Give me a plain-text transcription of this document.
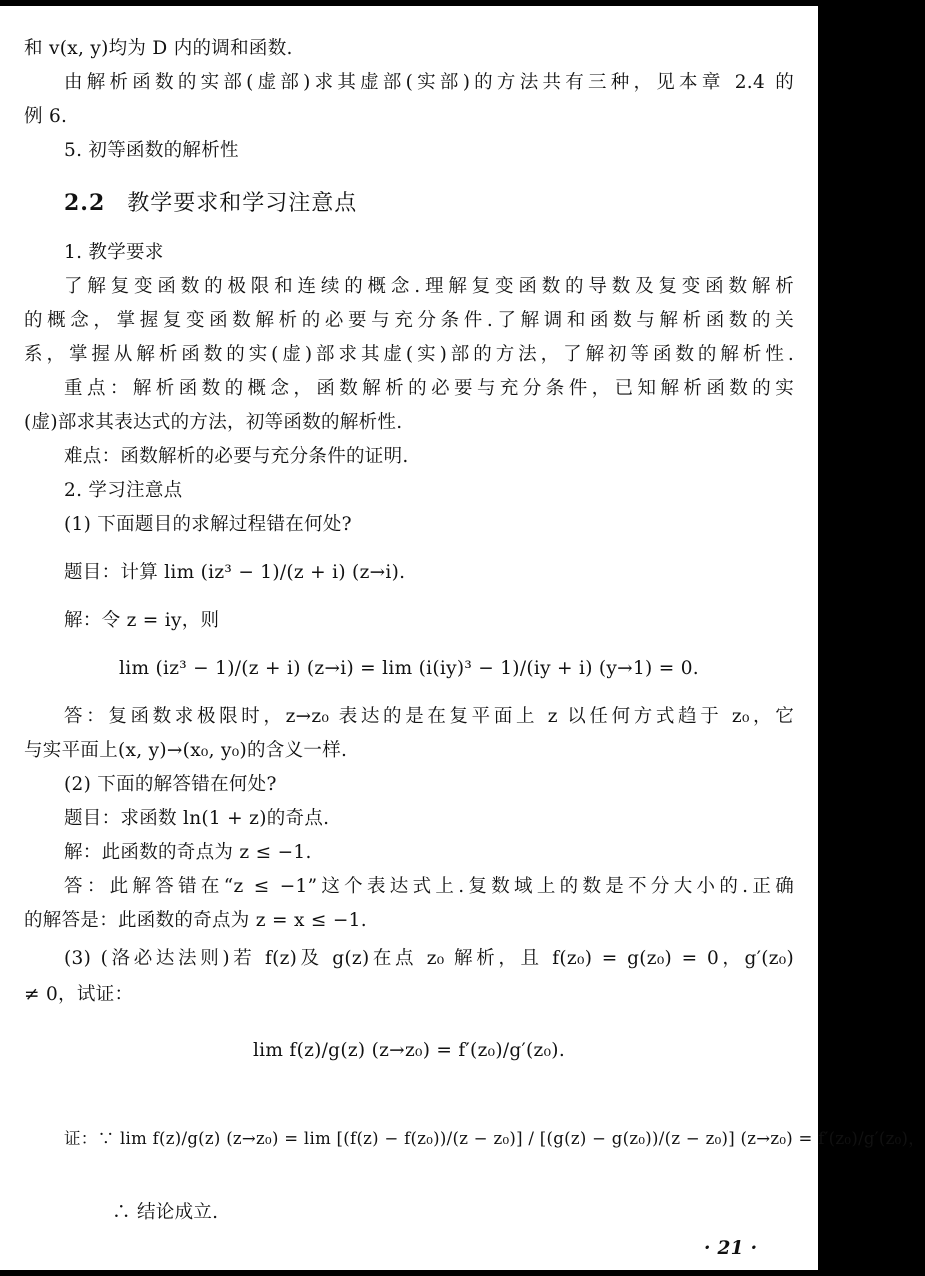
和 v(x, y)均为 D 内的调和函数.
由解析函数的实部(虚部)求其虚部(实部)的方法共有三种，见本章 2.4 的
例 6.
5. 初等函数的解析性
2.2 教学要求和学习注意点
1. 教学要求
了解复变函数的极限和连续的概念.理解复变函数的导数及复变函数解析
的概念，掌握复变函数解析的必要与充分条件.了解调和函数与解析函数的关
系，掌握从解析函数的实(虚)部求其虚(实)部的方法，了解初等函数的解析性.
重点：解析函数的概念，函数解析的必要与充分条件，已知解析函数的实
(虚)部求其表达式的方法，初等函数的解析性.
难点：函数解析的必要与充分条件的证明.
2. 学习注意点
(1) 下面题目的求解过程错在何处?
题目：计算 lim (iz³ − 1)/(z + i) (z→i).
解：令 z = iy，则
lim (iz³ − 1)/(z + i) (z→i) = lim (i(iy)³ − 1)/(iy + i) (y→1) = 0.
答：复函数求极限时，z→z₀ 表达的是在复平面上 z 以任何方式趋于 z₀，它
与实平面上(x, y)→(x₀, y₀)的含义一样.
(2) 下面的解答错在何处?
题目：求函数 ln(1 + z)的奇点.
解：此函数的奇点为 z ≤ −1.
答：此解答错在“z ≤ −1”这个表达式上.复数域上的数是不分大小的.正确
的解答是：此函数的奇点为 z = x ≤ −1.
(3) (洛必达法则)若 f(z)及 g(z)在点 z₀ 解析，且 f(z₀) = g(z₀) = 0，g′(z₀)
≠ 0，试证：
lim f(z)/g(z) (z→z₀) = f′(z₀)/g′(z₀).
证：∵ lim f(z)/g(z) (z→z₀) = lim [(f(z) − f(z₀))/(z − z₀)] / [(g(z) − g(z₀))/(z − z₀)] (z→z₀) = f′(z₀)/g′(z₀)，
∴ 结论成立.
· 21 ·
